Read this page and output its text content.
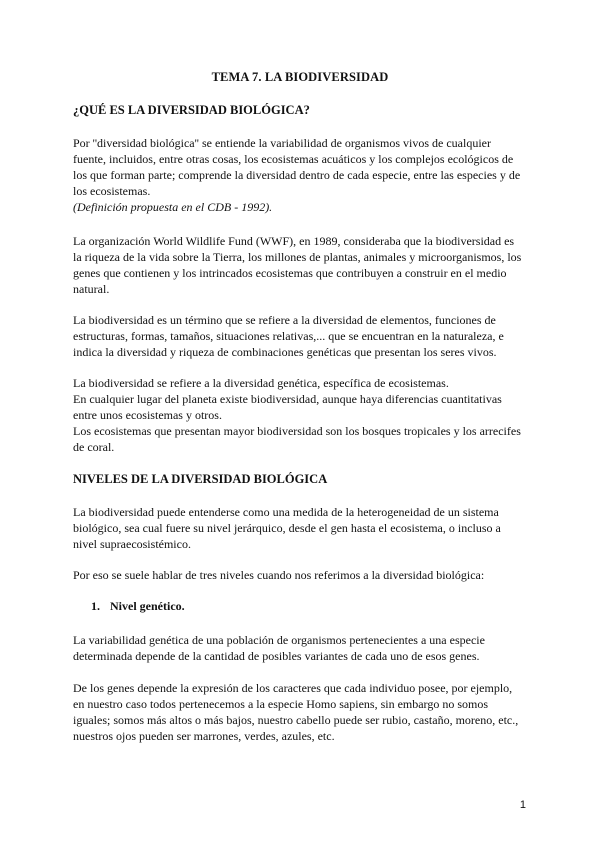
TEMA 7. LA BIODIVERSIDAD
¿QUÉ ES LA DIVERSIDAD BIOLÓGICA?

Por ''diversidad biológica'' se entiende la variabilidad de organismos vivos de cualquier

fuente, incluidos, entre otras cosas, los ecosistemas acuáticos y los complejos ecológicos de

los que forman parte; comprende la diversidad dentro de cada especie, entre las especies y de

los ecosistemas.

(Definición propuesta en el CDB - 1992).

La organización World Wildlife Fund (WWF), en 1989, consideraba que la biodiversidad es

la riqueza de la vida sobre la Tierra, los millones de plantas, animales y microorganismos, los

genes que contienen y los intrincados ecosistemas que contribuyen a construir en el medio

natural.

La biodiversidad es un término que se refiere a la diversidad de elementos, funciones de

estructuras, formas, tamaños, situaciones relativas,... que se encuentran en la naturaleza, e

indica la diversidad y riqueza de combinaciones genéticas que presentan los seres vivos.

La biodiversidad se refiere a la diversidad genética, específica de ecosistemas.

En cualquier lugar del planeta existe biodiversidad, aunque haya diferencias cuantitativas

entre unos ecosistemas y otros.

Los ecosistemas que presentan mayor biodiversidad son los bosques tropicales y los arrecifes

de coral.

NIVELES DE LA DIVERSIDAD BIOLÓGICA

La biodiversidad puede entenderse como una medida de la heterogeneidad de un sistema

biológico, sea cual fuere su nivel jerárquico, desde el gen hasta el ecosistema, o incluso a

nivel supraecosistémico.

Por eso se suele hablar de tres niveles cuando nos referimos a la diversidad biológica:

1. Nivel genético.

La variabilidad genética de una población de organismos pertenecientes a una especie

determinada depende de la cantidad de posibles variantes de cada uno de esos genes.

De los genes depende la expresión de los caracteres que cada individuo posee, por ejemplo,

en nuestro caso todos pertenecemos a la especie Homo sapiens, sin embargo no somos

iguales; somos más altos o más bajos, nuestro cabello puede ser rubio, castaño, moreno, etc.,

nuestros ojos pueden ser marrones, verdes, azules, etc.

1
